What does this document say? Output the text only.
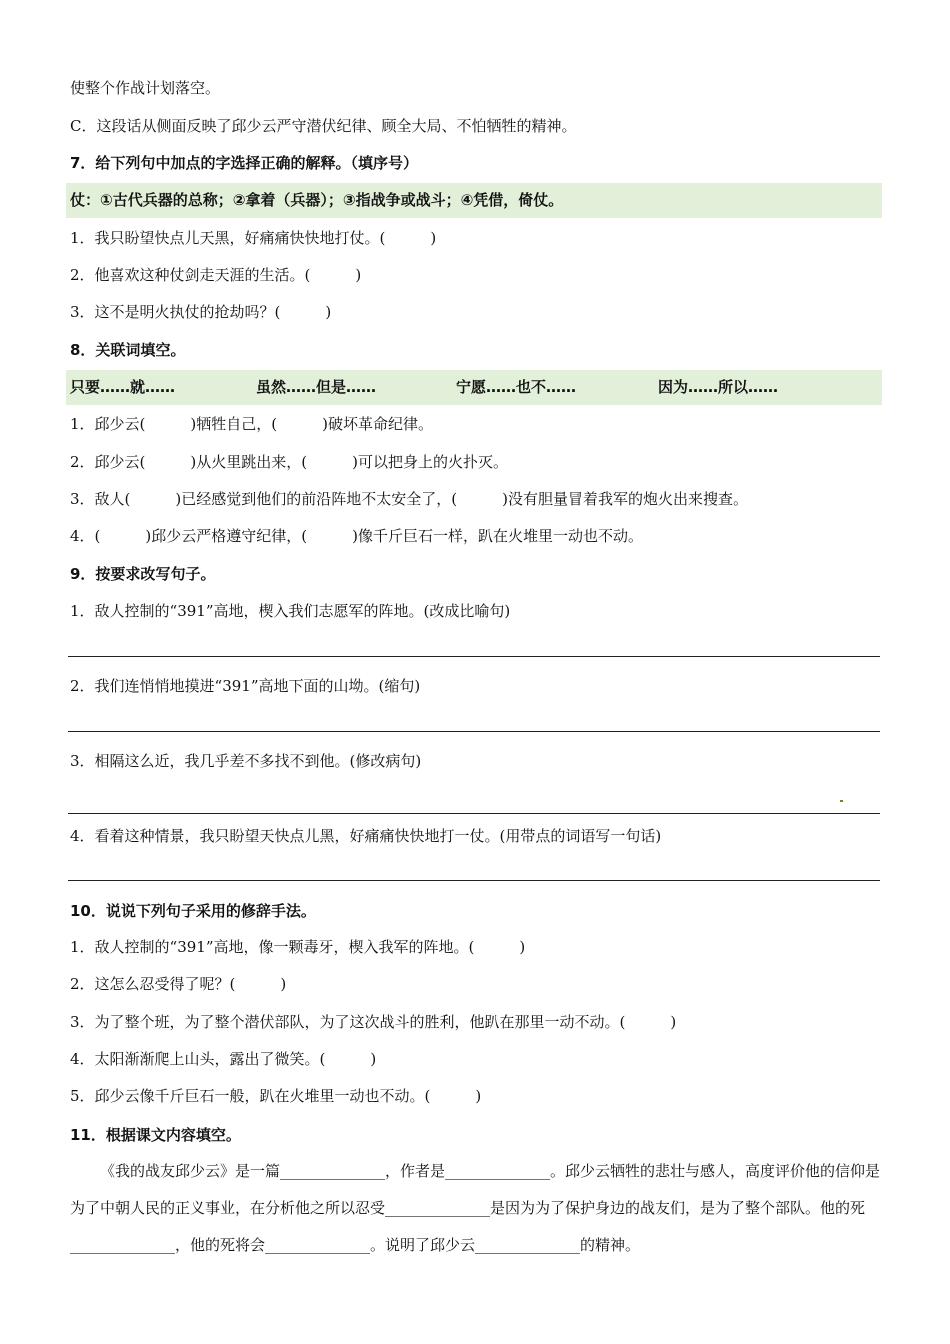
使整个作战计划落空。
C．这段话从侧面反映了邱少云严守潜伏纪律、顾全大局、不怕牺牲的精神。
7．给下列句中加点的字选择正确的解释。（填序号）
仗：①古代兵器的总称；②拿着（兵器）；③指战争或战斗；④凭借，倚仗。
1．我只盼望快点儿天黑，好痛痛快快地打仗。(　　　)
2．他喜欢这种仗剑走天涯的生活。(　　　)
3．这不是明火执仗的抢劫吗？(　　　)
8．关联词填空。
只要……就……	虽然……但是……	宁愿……也不……	因为……所以……
1．邱少云(　　　)牺牲自己，(　　　)破坏革命纪律。
2．邱少云(　　　)从火里跳出来，(　　　)可以把身上的火扑灭。
3．敌人(　　　)已经感觉到他们的前沿阵地不太安全了，(　　　)没有胆量冒着我军的炮火出来搜查。
4．(　　　)邱少云严格遵守纪律，(　　　)像千斤巨石一样，趴在火堆里一动也不动。
9．按要求改写句子。
1．敌人控制的“391”高地，楔入我们志愿军的阵地。(改成比喻句)
2．我们连悄悄地摸进“391”高地下面的山坳。(缩句)
3．相隔这么近，我几乎差不多找不到他。(修改病句)
4．看着这种情景，我只盼望天快点儿黑，好痛痛快快地打一仗。(用带点的词语写一句话)
10．说说下列句子采用的修辞手法。
1．敌人控制的“391”高地，像一颗毒牙，楔入我军的阵地。(　　　)
2．这怎么忍受得了呢？(　　　)
3．为了整个班，为了整个潜伏部队，为了这次战斗的胜利，他趴在那里一动不动。(　　　)
4．太阳渐渐爬上山头，露出了微笑。(　　　)
5．邱少云像千斤巨石一般，趴在火堆里一动也不动。(　　　)
11．根据课文内容填空。
《我的战友邱少云》是一篇______________，作者是______________。邱少云牺牲的悲壮与感人，高度评价他的信仰是为了中朝人民的正义事业，在分析他之所以忍受______________是因为为了保护身边的战友们，是为了整个部队。他的死______________，他的死将会______________。说明了邱少云______________的精神。
